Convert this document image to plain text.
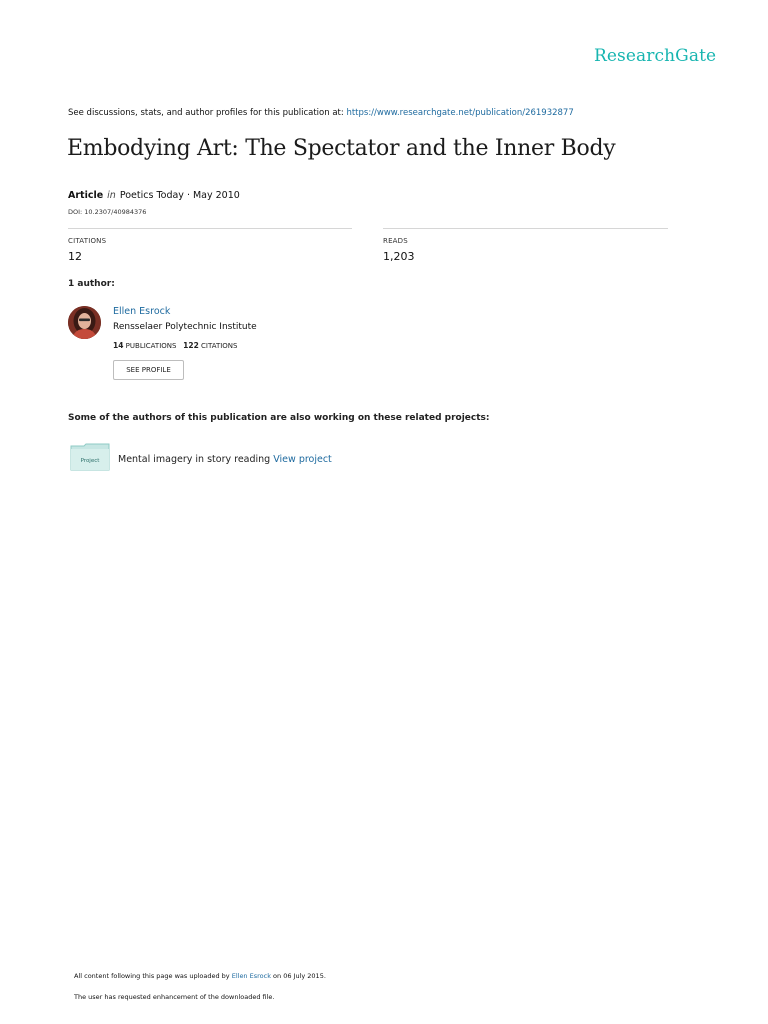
ResearchGate
See discussions, stats, and author profiles for this publication at: https://www.researchgate.net/publication/261932877
Embodying Art: The Spectator and the Inner Body
Article in Poetics Today · May 2010
DOI: 10.2307/40984376
CITATIONS
12
READS
1,203
1 author:
Ellen Esrock
Rensselaer Polytechnic Institute
14 PUBLICATIONS 122 CITATIONS
SEE PROFILE
Some of the authors of this publication are also working on these related projects:
Project Mental imagery in story reading View project
All content following this page was uploaded by Ellen Esrock on 06 July 2015.
The user has requested enhancement of the downloaded file.
